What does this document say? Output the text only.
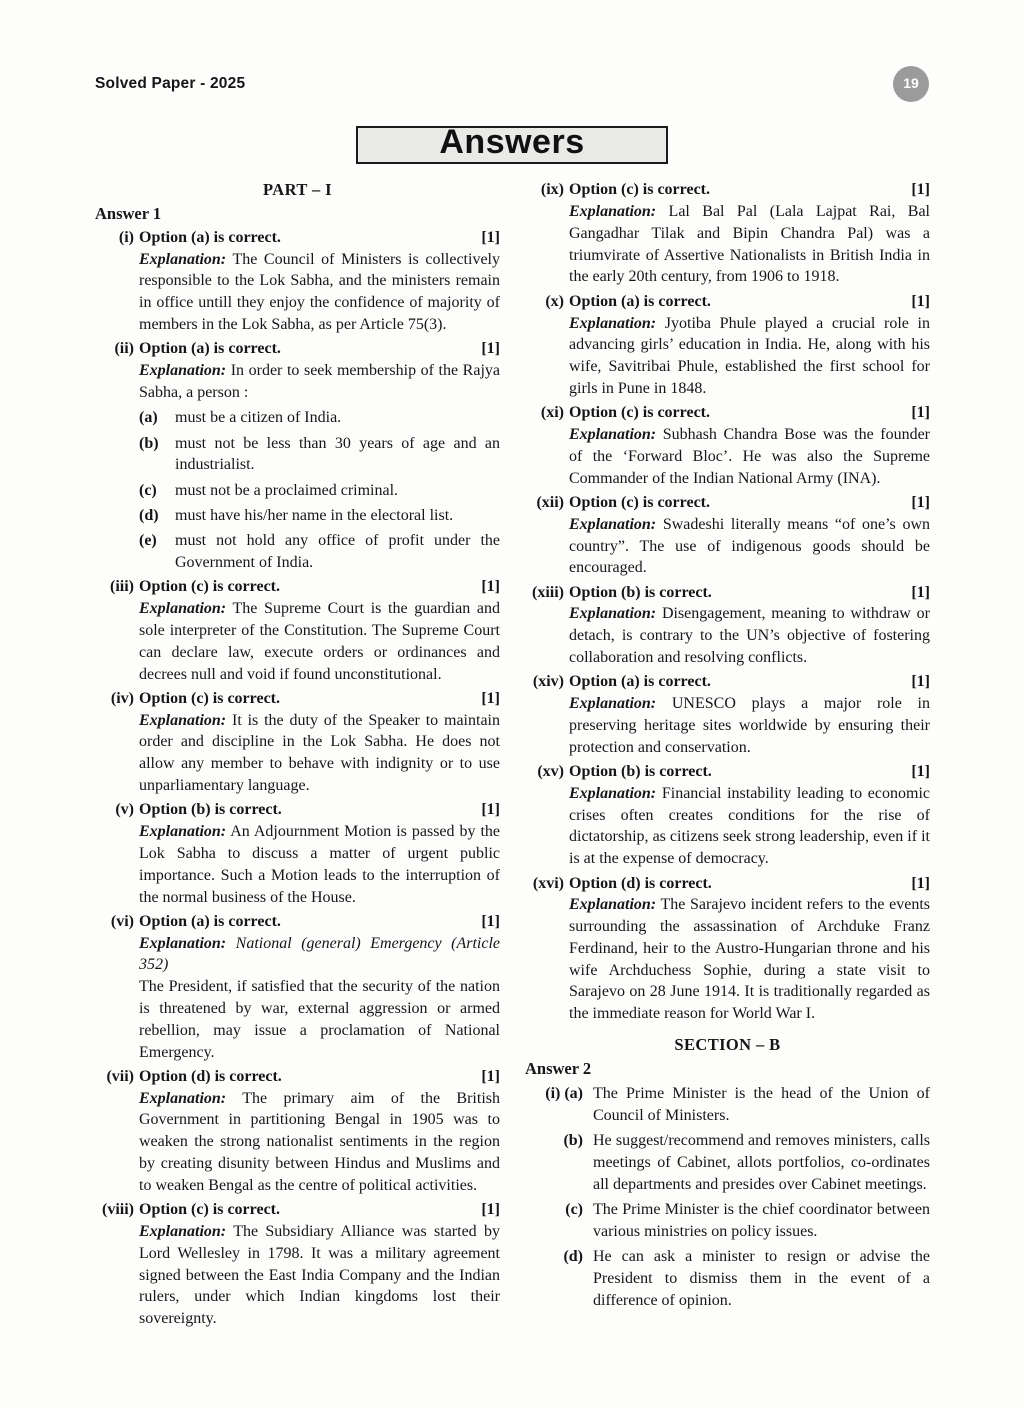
Solved Paper - 2025	19
Answers
PART – I
Answer 1
(i) Option (a) is correct.	[1]

Explanation: The Council of Ministers is collectively responsible to the Lok Sabha, and the ministers remain in office untill they enjoy the confidence of majority of members in the Lok Sabha, as per Article 75(3).

(ii) Option (a) is correct.	[1]

Explanation: In order to seek membership of the Rajya Sabha, a person :

(a)	must be a citizen of India.
(b)	must not be less than 30 years of age and an industrialist.
(c)	must not be a proclaimed criminal.
(d)	must have his/her name in the electoral list.
(e)	must not hold any office of profit under the Government of India.
(iii) Option (c) is correct.	[1]

Explanation: The Supreme Court is the guardian and sole interpreter of the Constitution. The Supreme Court can declare law, execute orders or ordinances and decrees null and void if found unconstitutional.

(iv) Option (c) is correct.	[1]

Explanation: It is the duty of the Speaker to maintain order and discipline in the Lok Sabha. He does not allow any member to behave with indignity or to use unparliamentary language.

(v) Option (b) is correct.	[1]

Explanation: An Adjournment Motion is passed by the Lok Sabha to discuss a matter of urgent public importance. Such a Motion leads to the interruption of the normal business of the House.

(vi) Option (a) is correct.	[1]

Explanation: National (general) Emergency (Article 352)

The President, if satisfied that the security of the nation is threatened by war, external aggression or armed rebellion, may issue a proclamation of National Emergency.

(vii) Option (d) is correct.	[1]

Explanation: The primary aim of the British Government in partitioning Bengal in 1905 was to weaken the strong nationalist sentiments in the region by creating disunity between Hindus and Muslims and to weaken Bengal as the centre of political activities.

(viii) Option (c) is correct.	[1]

Explanation: The Subsidiary Alliance was started by Lord Wellesley in 1798. It was a military agreement signed between the East India Company and the Indian rulers, under which Indian kingdoms lost their sovereignty.

(ix) Option (c) is correct.	[1]

Explanation: Lal Bal Pal (Lala Lajpat Rai, Bal Gangadhar Tilak and Bipin Chandra Pal) was a triumvirate of Assertive Nationalists in British India in the early 20th century, from 1906 to 1918.

(x) Option (a) is correct.	[1]

Explanation: Jyotiba Phule played a crucial role in advancing girls’ education in India. He, along with his wife, Savitribai Phule, established the first school for girls in Pune in 1848.

(xi) Option (c) is correct.	[1]

Explanation: Subhash Chandra Bose was the founder of the ‘Forward Bloc’. He was also the Supreme Commander of the Indian National Army (INA).

(xii) Option (c) is correct.	[1]

Explanation: Swadeshi literally means “of one’s own country”. The use of indigenous goods should be encouraged.

(xiii) Option (b) is correct.	[1]

Explanation: Disengagement, meaning to withdraw or detach, is contrary to the UN’s objective of fostering collaboration and resolving conflicts.

(xiv) Option (a) is correct.	[1]

Explanation: UNESCO plays a major role in preserving heritage sites worldwide by ensuring their protection and conservation.

(xv) Option (b) is correct.	[1]

Explanation: Financial instability leading to economic crises often creates conditions for the rise of dictatorship, as citizens seek strong leadership, even if it is at the expense of democracy.

(xvi) Option (d) is correct.	[1]

Explanation: The Sarajevo incident refers to the events surrounding the assassination of Archduke Franz Ferdinand, heir to the Austro-Hungarian throne and his wife Archduchess Sophie, during a state visit to Sarajevo on 28 June 1914. It is traditionally regarded as the immediate reason for World War I.

SECTION – B
Answer 2
(i) (a) The Prime Minister is the head of the Union of Council of Ministers.
(b) He suggest/recommend and removes ministers, calls meetings of Cabinet, allots portfolios, co-ordinates all departments and presides over Cabinet meetings.
(c) The Prime Minister is the chief coordinator between various ministries on policy issues.
(d) He can ask a minister to resign or advise the President to dismiss them in the event of a difference of opinion.
